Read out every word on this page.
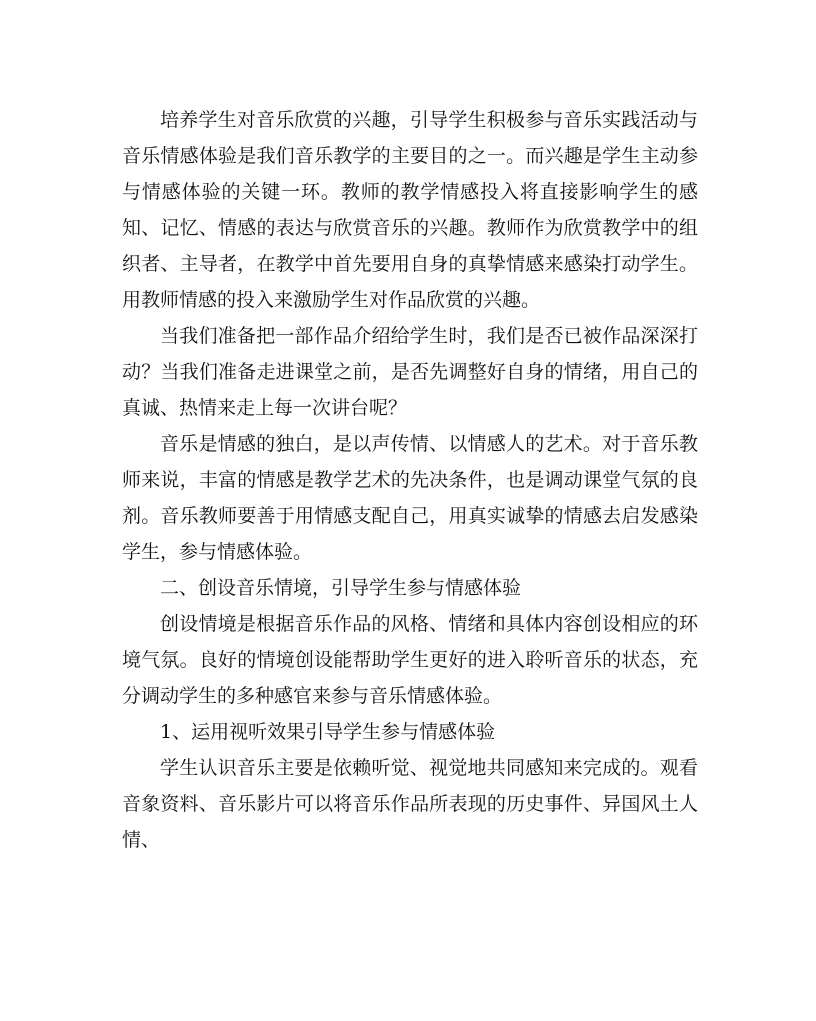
培养学生对音乐欣赏的兴趣，引导学生积极参与音乐实践活动与音乐情感体验是我们音乐教学的主要目的之一。而兴趣是学生主动参与情感体验的关键一环。教师的教学情感投入将直接影响学生的感知、记忆、情感的表达与欣赏音乐的兴趣。教师作为欣赏教学中的组织者、主导者，在教学中首先要用自身的真挚情感来感染打动学生。用教师情感的投入来激励学生对作品欣赏的兴趣。

当我们准备把一部作品介绍给学生时，我们是否已被作品深深打动？当我们准备走进课堂之前，是否先调整好自身的情绪，用自己的真诚、热情来走上每一次讲台呢？

音乐是情感的独白，是以声传情、以情感人的艺术。对于音乐教师来说，丰富的情感是教学艺术的先决条件，也是调动课堂气氛的良剂。音乐教师要善于用情感支配自己，用真实诚挚的情感去启发感染学生，参与情感体验。

二、创设音乐情境，引导学生参与情感体验

创设情境是根据音乐作品的风格、情绪和具体内容创设相应的环境气氛。良好的情境创设能帮助学生更好的进入聆听音乐的状态，充分调动学生的多种感官来参与音乐情感体验。

1、运用视听效果引导学生参与情感体验

学生认识音乐主要是依赖听觉、视觉地共同感知来完成的。观看音象资料、音乐影片可以将音乐作品所表现的历史事件、异国风土人情、
